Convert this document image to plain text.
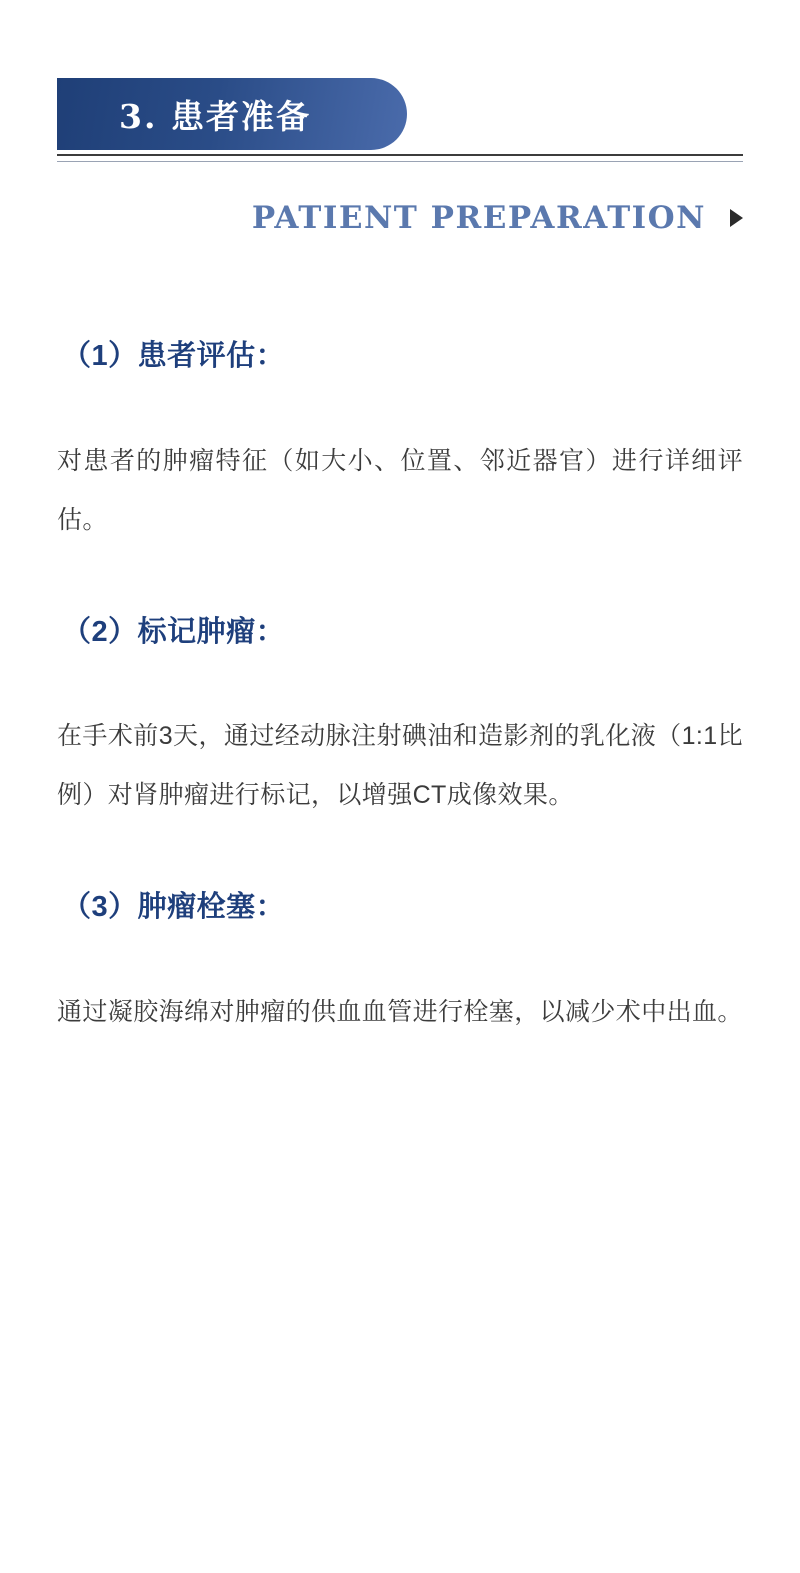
3. 患者准备
PATIENT PREPARATION
（1）患者评估：
对患者的肿瘤特征（如大小、位置、邻近器官）进行详细评估。
（2）标记肿瘤：
在手术前3天，通过经动脉注射碘油和造影剂的乳化液（1:1比例）对肾肿瘤进行标记，以增强CT成像效果。
（3）肿瘤栓塞：
通过凝胶海绵对肿瘤的供血血管进行栓塞，以减少术中出血。
